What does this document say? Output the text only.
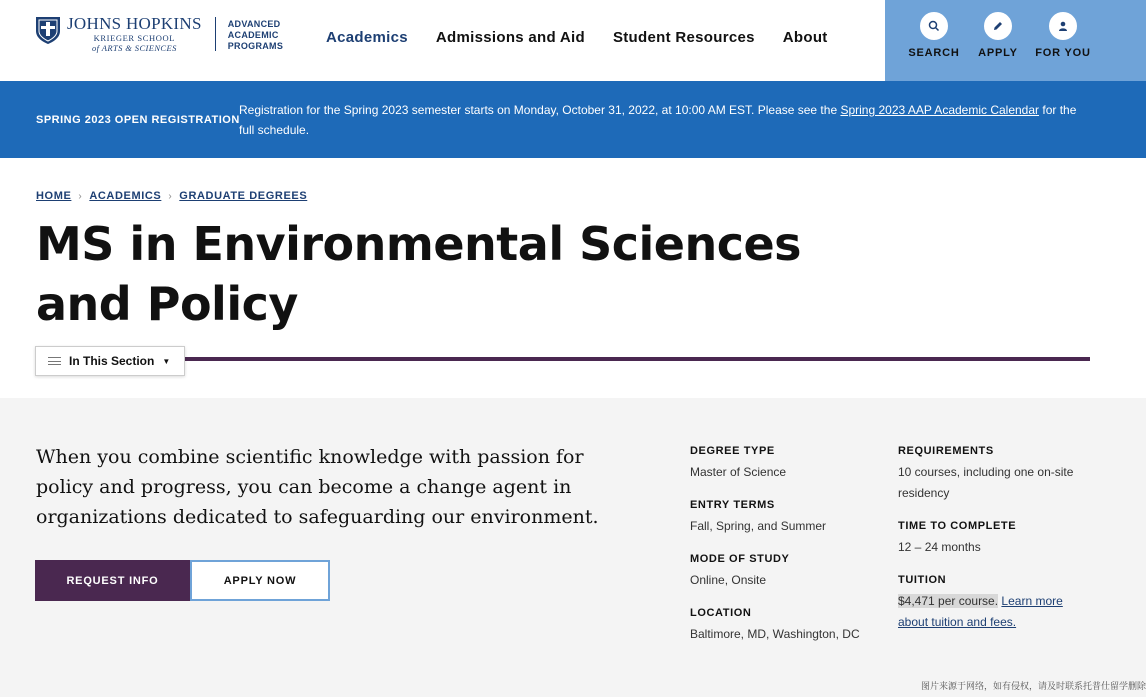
JOHNS HOPKINS
KRIEGER SCHOOL
of ARTS & SCIENCES
ADVANCED
ACADEMIC
PROGRAMS	Academics Admissions and Aid Student Resources About
SEARCH APPLY FOR YOU
SPRING 2023 OPEN REGISTRATION
Registration for the Spring 2023 semester starts on Monday, October 31, 2022, at 10:00 AM EST. Please see the Spring 2023 AAP Academic Calendar for the full schedule.
HOME › ACADEMICS › GRADUATE DEGREES
MS in Environmental Sciences and Policy
In This Section ▼

When you combine scientific knowledge with passion for policy and progress, you can become a change agent in organizations dedicated to safeguarding our environment.

REQUEST INFO	APPLY NOW
DEGREE TYPE
Master of Science
ENTRY TERMS
Fall, Spring, and Summer
MODE OF STUDY
Online, Onsite
LOCATION
Baltimore, MD, Washington, DC
REQUIREMENTS
10 courses, including one on-site residency
TIME TO COMPLETE
12 – 24 months
TUITION
$4,471 per course. Learn more about tuition and fees.
图片来源于网络，如有侵权，请及时联系托普仕留学删除
